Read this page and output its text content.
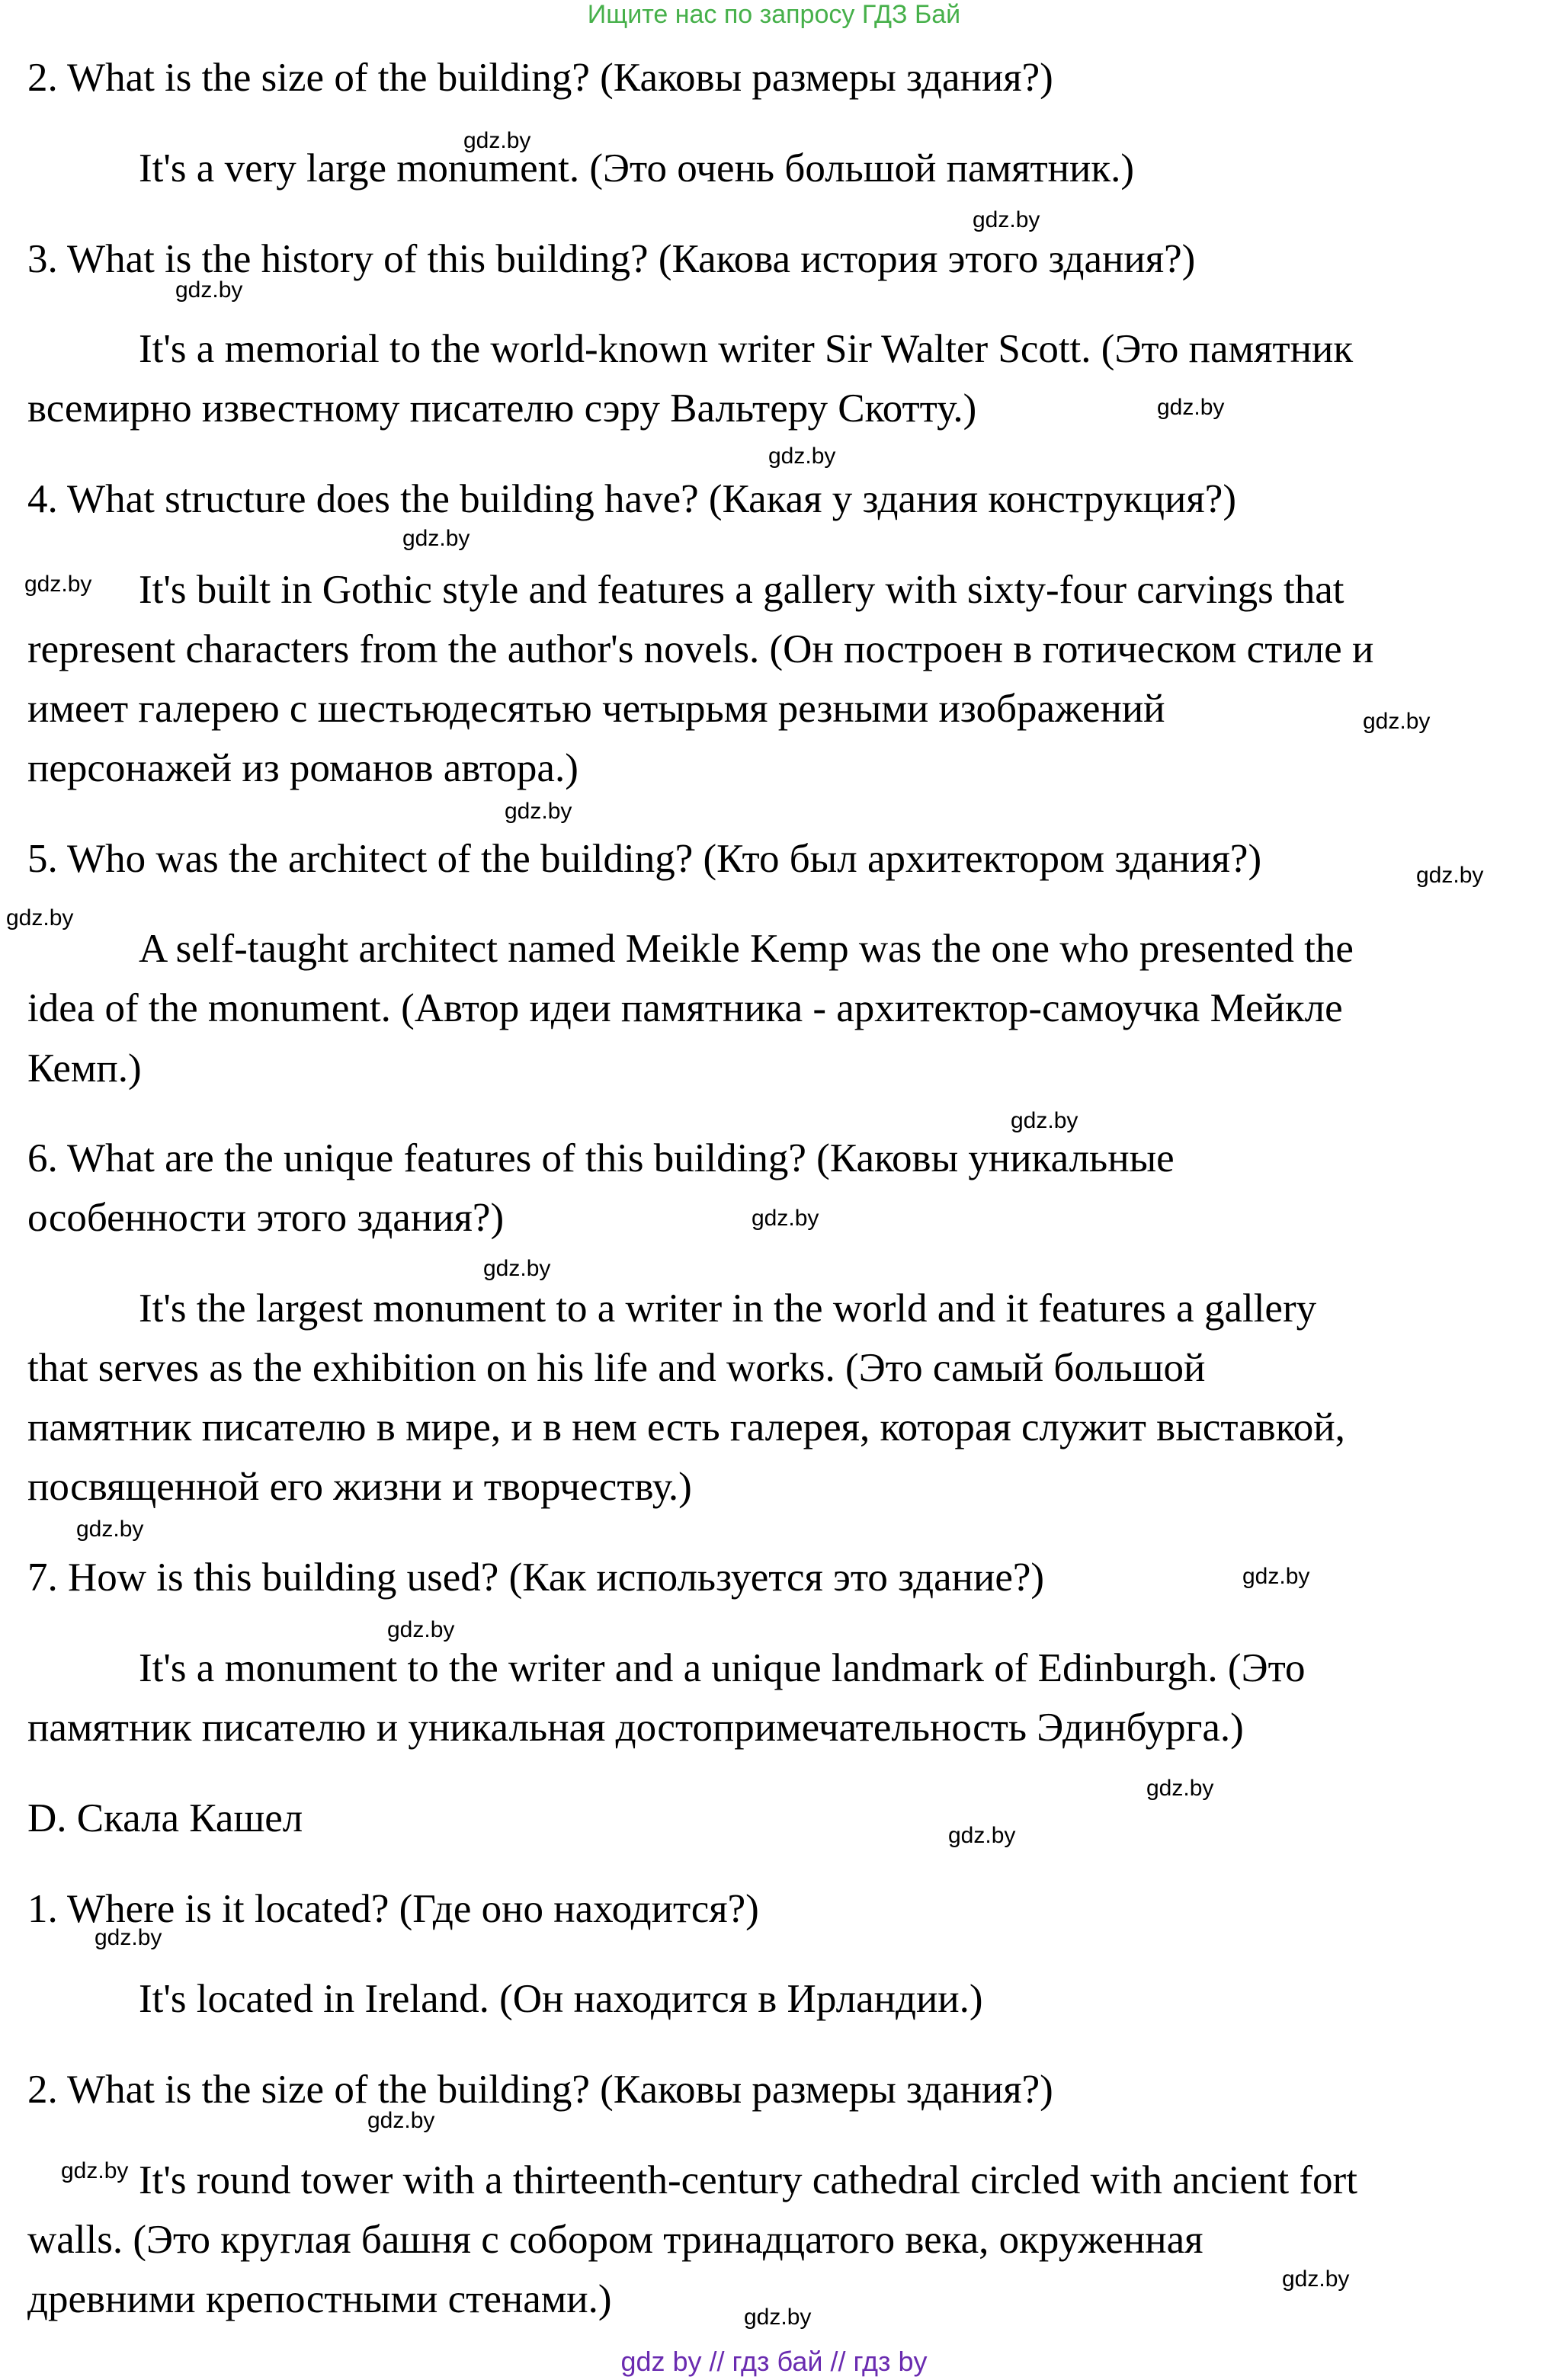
Ищите нас по запросу ГДЗ Бай
2. What is the size of the building? (Каковы размеры здания?)
It's a very large monument. (Это очень большой памятник.)
3. What is the history of this building? (Какова история этого здания?)
It's a memorial to the world-known writer Sir Walter Scott. (Это памятник
всемирно известному писателю сэру Вальтеру Скотту.)
4. What structure does the building have? (Какая у здания конструкция?)
It's built in Gothic style and features a gallery with sixty-four carvings that
represent characters from the author's novels. (Он построен в готическом стиле и
имеет галерею с шестьюдесятью четырьмя резными изображений
персонажей из романов автора.)
5. Who was the architect of the building? (Кто был архитектором здания?)
A self-taught architect named Meikle Kemp was the one who presented the
idea of the monument. (Автор идеи памятника - архитектор-самоучка Мейкле
Кемп.)
6. What are the unique features of this building? (Каковы уникальные
особенности этого здания?)
It's the largest monument to a writer in the world and it features a gallery
that serves as the exhibition on his life and works. (Это самый большой
памятник писателю в мире, и в нем есть галерея, которая служит выставкой,
посвященной его жизни и творчеству.)
7. How is this building used? (Как используется это здание?)
It's a monument to the writer and a unique landmark of Edinburgh. (Это
памятник писателю и уникальная достопримечательность Эдинбурга.)
D. Скала Кашел
1. Where is it located? (Где оно находится?)
It's located in Ireland. (Он находится в Ирландии.)
2. What is the size of the building? (Каковы размеры здания?)
It's round tower with a thirteenth-century cathedral circled with ancient fort
walls. (Это круглая башня с собором тринадцатого века, окруженная
древними крепостными стенами.)
gdz.by
gdz.by
gdz.by
gdz.by
gdz.by
gdz.by
gdz.by
gdz.by
gdz.by
gdz.by
gdz.by
gdz.by
gdz.by
gdz.by
gdz.by
gdz.by
gdz.by
gdz.by
gdz.by
gdz.by
gdz.by
gdz.by
gdz.by
gdz.by
gdz by // гдз бай // гдз by
